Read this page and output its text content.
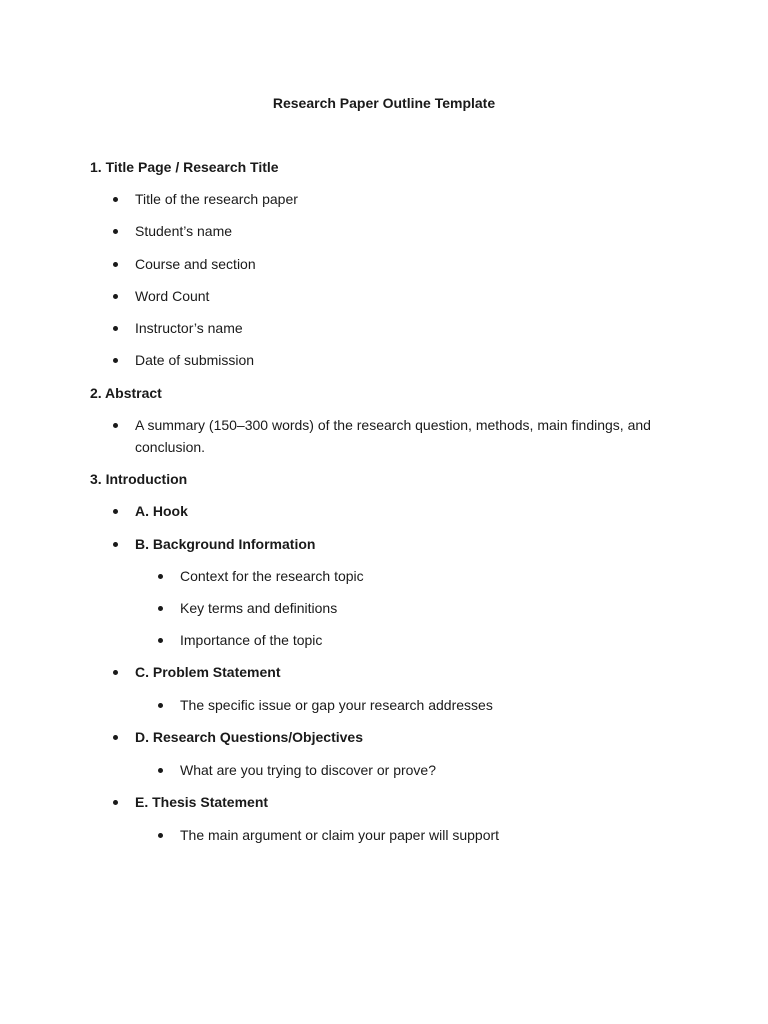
Research Paper Outline Template
1. Title Page / Research Title
Title of the research paper
Student’s name
Course and section
Word Count
Instructor’s name
Date of submission
2. Abstract
A summary (150–300 words) of the research question, methods, main findings, and conclusion.
3. Introduction
A. Hook
B. Background Information
Context for the research topic
Key terms and definitions
Importance of the topic
C. Problem Statement
The specific issue or gap your research addresses
D. Research Questions/Objectives
What are you trying to discover or prove?
E. Thesis Statement
The main argument or claim your paper will support
